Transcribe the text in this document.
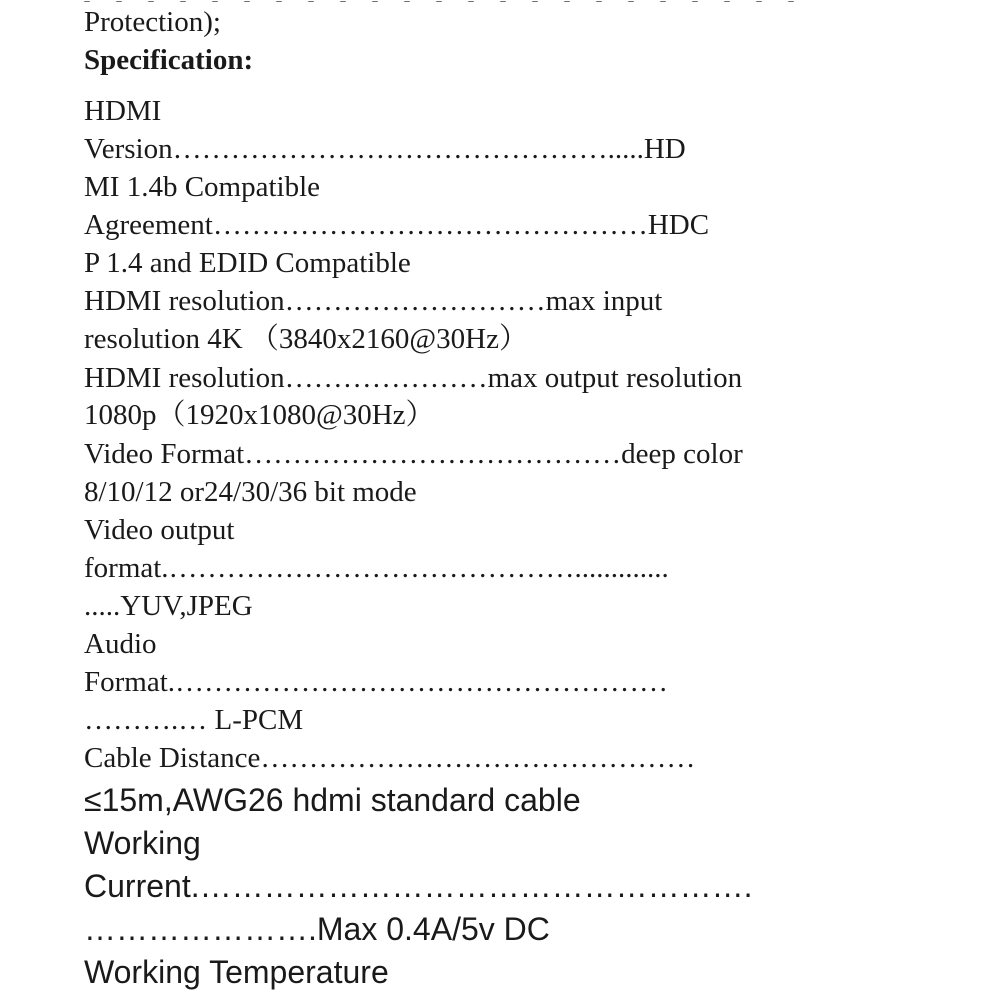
Protection);
Specification:
HDMI
Version……………………………………….....HD
MI 1.4b Compatible
Agreement………………………………………HDC
P 1.4 and EDID Compatible
HDMI resolution………………………max input
resolution 4K （3840x2160@30Hz）
HDMI resolution…………………max output resolution
1080p（1920x1080@30Hz）
Video Format…………………………………deep color
8/10/12 or24/30/36 bit mode
Video output
format.…………………………………….............
.....YUV,JPEG
Audio
Format.……………………………………………
……….… L-PCM
Cable Distance………………………………………
≤15m,AWG26 hdmi standard cable
Working
Current.…………………………………………….
………………….Max 0.4A/5v DC
Working Temperature
